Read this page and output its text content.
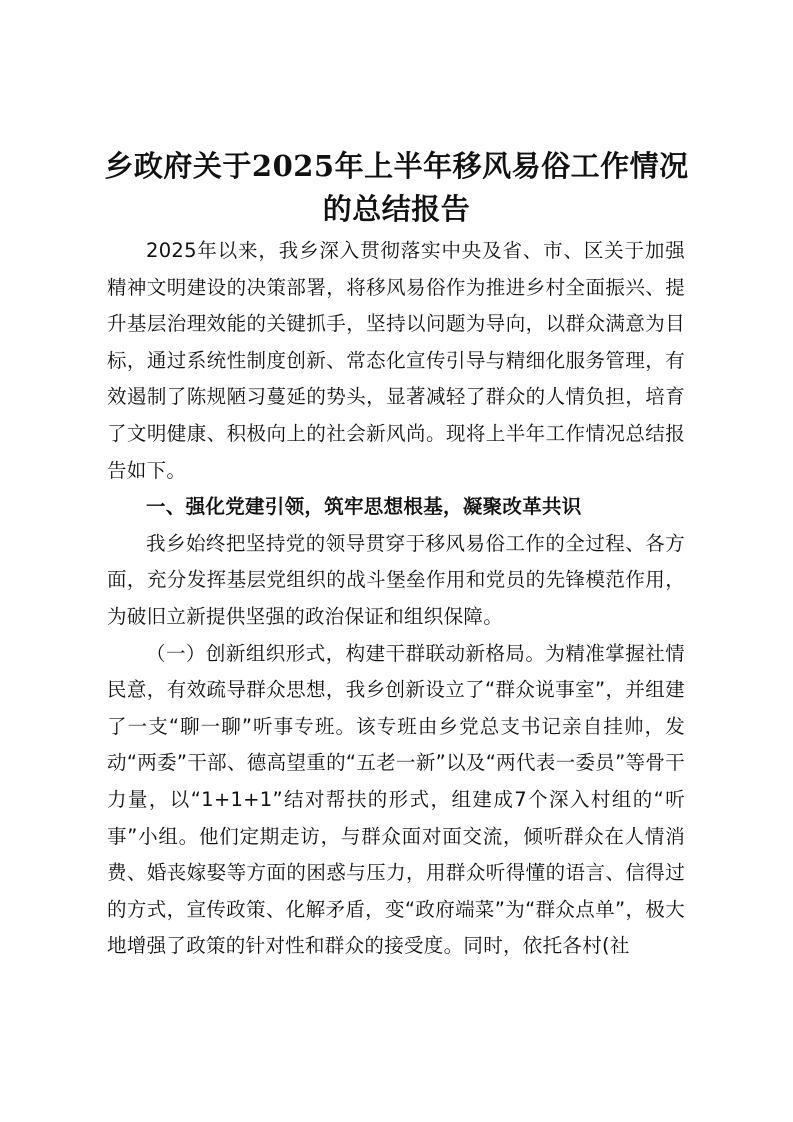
乡政府关于2025年上半年移风易俗工作情况
的总结报告

2025年以来，我乡深入贯彻落实中央及省、市、区关于加强精神文明建设的决策部署，将移风易俗作为推进乡村全面振兴、提升基层治理效能的关键抓手，坚持以问题为导向，以群众满意为目标，通过系统性制度创新、常态化宣传引导与精细化服务管理，有效遏制了陈规陋习蔓延的势头，显著减轻了群众的人情负担，培育了文明健康、积极向上的社会新风尚。现将上半年工作情况总结报告如下。

一、强化党建引领，筑牢思想根基，凝聚改革共识

我乡始终把坚持党的领导贯穿于移风易俗工作的全过程、各方面，充分发挥基层党组织的战斗堡垒作用和党员的先锋模范作用，为破旧立新提供坚强的政治保证和组织保障。

（一）创新组织形式，构建干群联动新格局。为精准掌握社情民意，有效疏导群众思想，我乡创新设立了“群众说事室”，并组建了一支“聊一聊”听事专班。该专班由乡党总支书记亲自挂帅，发动“两委”干部、德高望重的“五老一新”以及“两代表一委员”等骨干力量，以“1+1+1”结对帮扶的形式，组建成7个深入村组的“听事”小组。他们定期走访，与群众面对面交流，倾听群众在人情消费、婚丧嫁娶等方面的困惑与压力，用群众听得懂的语言、信得过的方式，宣传政策、化解矛盾，变“政府端菜”为“群众点单”，极大地增强了政策的针对性和群众的接受度。同时，依托各村(社
